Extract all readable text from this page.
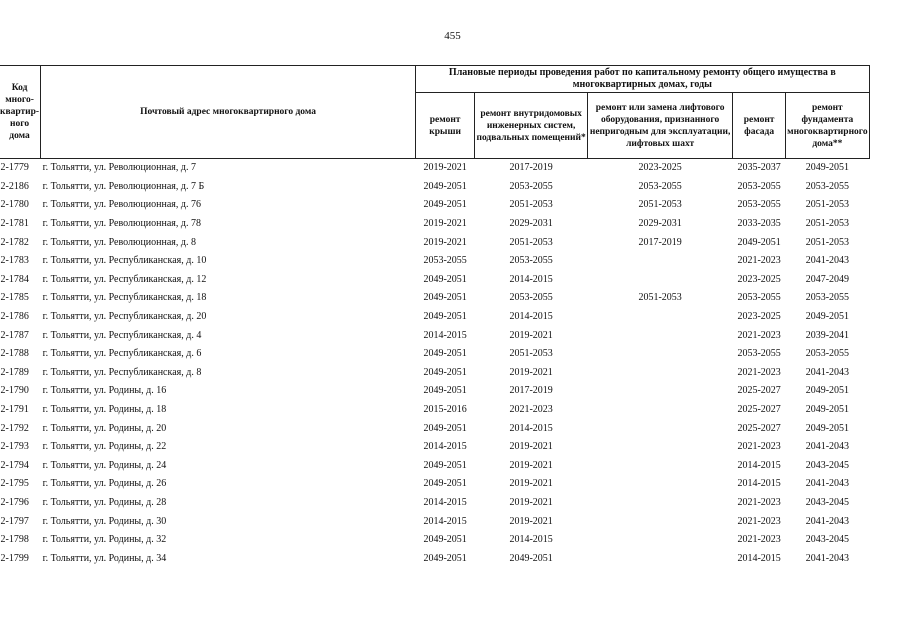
455
Код
много-
квартир-
ного
дома	Почтовый адрес многоквартирного дома	Плановые периоды проведения работ по капитальному ремонту общего имущества в многоквартирных домах, годы				
		ремонт крыши	ремонт внутридомовых инженерных систем, подвальных помещений*	ремонт или замена лифтового оборудования, признанного непригодным для эксплуатации, лифтовых шахт	ремонт фасада	ремонт фундамента многоквартирного дома**
2-1779	г. Тольятти, ул. Революционная, д. 7	2019-2021	2017-2019	2023-2025	2035-2037	2049-2051
2-2186	г. Тольятти, ул. Революционная, д. 7 Б	2049-2051	2053-2055	2053-2055	2053-2055	2053-2055
2-1780	г. Тольятти, ул. Революционная, д. 76	2049-2051	2051-2053	2051-2053	2053-2055	2051-2053
2-1781	г. Тольятти, ул. Революционная, д. 78	2019-2021	2029-2031	2029-2031	2033-2035	2051-2053
2-1782	г. Тольятти, ул. Революционная, д. 8	2019-2021	2051-2053	2017-2019	2049-2051	2051-2053
2-1783	г. Тольятти, ул. Республиканская, д. 10	2053-2055	2053-2055		2021-2023	2041-2043
2-1784	г. Тольятти, ул. Республиканская, д. 12	2049-2051	2014-2015		2023-2025	2047-2049
2-1785	г. Тольятти, ул. Республиканская, д. 18	2049-2051	2053-2055	2051-2053	2053-2055	2053-2055
2-1786	г. Тольятти, ул. Республиканская, д. 20	2049-2051	2014-2015		2023-2025	2049-2051
2-1787	г. Тольятти, ул. Республиканская, д. 4	2014-2015	2019-2021		2021-2023	2039-2041
2-1788	г. Тольятти, ул. Республиканская, д. 6	2049-2051	2051-2053		2053-2055	2053-2055
2-1789	г. Тольятти, ул. Республиканская, д. 8	2049-2051	2019-2021		2021-2023	2041-2043
2-1790	г. Тольятти, ул. Родины, д. 16	2049-2051	2017-2019		2025-2027	2049-2051
2-1791	г. Тольятти, ул. Родины, д. 18	2015-2016	2021-2023		2025-2027	2049-2051
2-1792	г. Тольятти, ул. Родины, д. 20	2049-2051	2014-2015		2025-2027	2049-2051
2-1793	г. Тольятти, ул. Родины, д. 22	2014-2015	2019-2021		2021-2023	2041-2043
2-1794	г. Тольятти, ул. Родины, д. 24	2049-2051	2019-2021		2014-2015	2043-2045
2-1795	г. Тольятти, ул. Родины, д. 26	2049-2051	2019-2021		2014-2015	2041-2043
2-1796	г. Тольятти, ул. Родины, д. 28	2014-2015	2019-2021		2021-2023	2043-2045
2-1797	г. Тольятти, ул. Родины, д. 30	2014-2015	2019-2021		2021-2023	2041-2043
2-1798	г. Тольятти, ул. Родины, д. 32	2049-2051	2014-2015		2021-2023	2043-2045
2-1799	г. Тольятти, ул. Родины, д. 34	2049-2051	2049-2051		2014-2015	2041-2043
